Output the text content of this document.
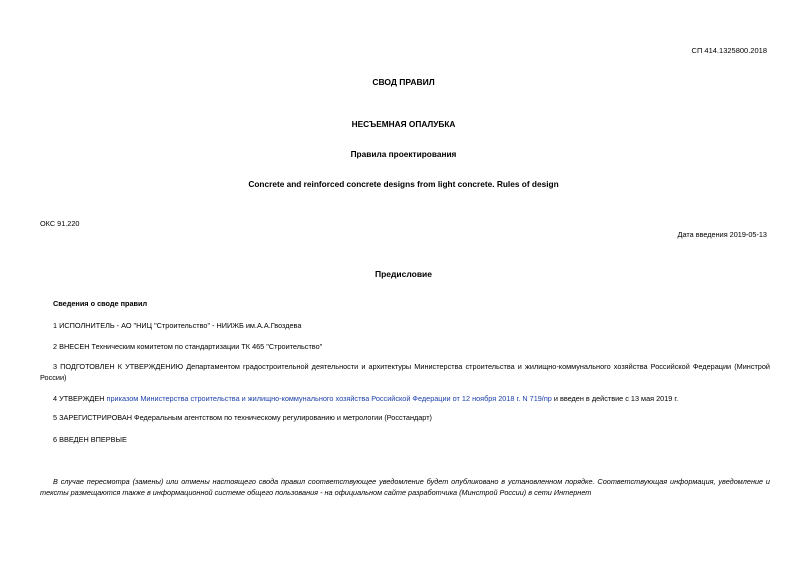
СП 414.1325800.2018
СВОД ПРАВИЛ
НЕСЪЕМНАЯ ОПАЛУБКА
Правила проектирования
Concrete and reinforced concrete designs from light concrete. Rules of design
ОКС 91.220
Дата введения 2019-05-13
Предисловие
Сведения о своде правил
1 ИСПОЛНИТЕЛЬ - АО "НИЦ "Строительство" - НИИЖБ им.А.А.Гвоздева
2 ВНЕСЕН Техническим комитетом по стандартизации ТК 465 "Строительство"
3 ПОДГОТОВЛЕН К УТВЕРЖДЕНИЮ Департаментом градостроительной деятельности и архитектуры Министерства строительства и жилищно-коммунального хозяйства Российской Федерации (Минстрой России)
4 УТВЕРЖДЕН приказом Министерства строительства и жилищно-коммунального хозяйства Российской Федерации от 12 ноября 2018 г. N 719/пр и введен в действие с 13 мая 2019 г.
5 ЗАРЕГИСТРИРОВАН Федеральным агентством по техническому регулированию и метрологии (Росстандарт)
6 ВВЕДЕН ВПЕРВЫЕ
В случае пересмотра (замены) или отмены настоящего свода правил соответствующее уведомление будет опубликовано в установленном порядке. Соответствующая информация, уведомление и тексты размещаются также в информационной системе общего пользования - на официальном сайте разработчика (Минстрой России) в сети Интернет
